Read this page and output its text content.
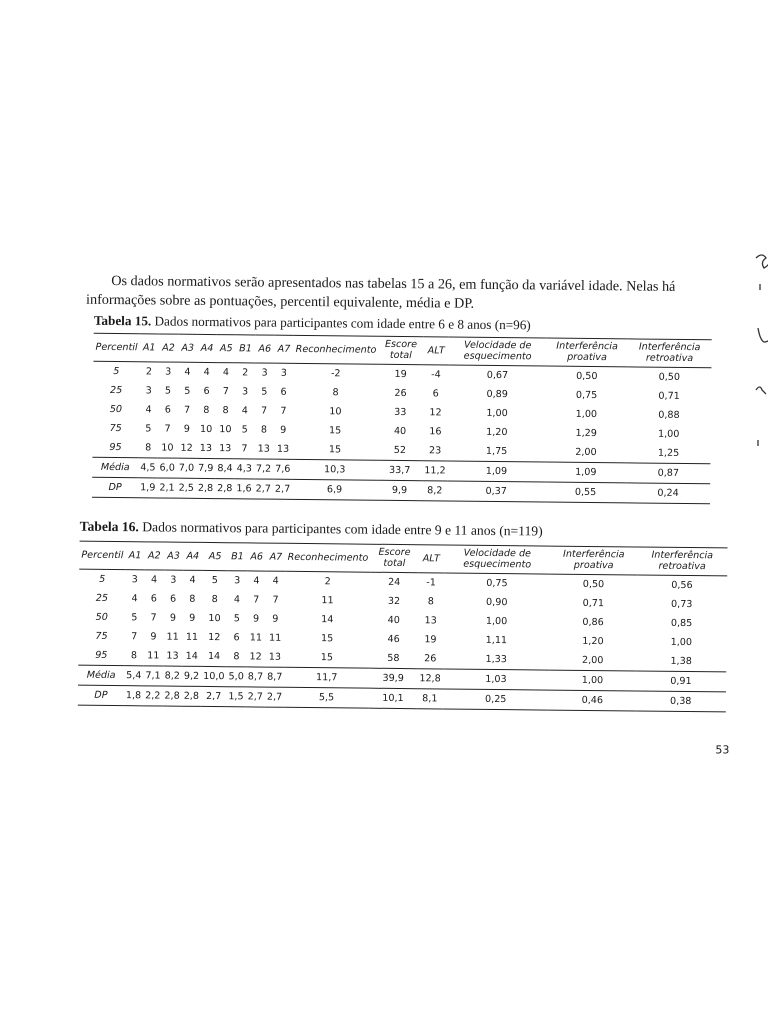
Os dados normativos serão apresentados nas tabelas 15 a 26, em função da variável idade. Nelas há informações sobre as pontuações, percentil equivalente, média e DP.

Tabela 15. Dados normativos para participantes com idade entre 6 e 8 anos (n=96)
Percentil	A1	A2	A3	A4	A5	B1	A6	A7	Reconhecimento	Escore total	ALT	Velocidade de esquecimento	Interferência proativa	Interferência retroativa
5	2	3	4	4	4	2	3	3	-2	19	-4	0,67	0,50	0,50
25	3	5	5	6	7	3	5	6	8	26	6	0,89	0,75	0,71
50	4	6	7	8	8	4	7	7	10	33	12	1,00	1,00	0,88
75	5	7	9	10	10	5	8	9	15	40	16	1,20	1,29	1,00
95	8	10	12	13	13	7	13	13	15	52	23	1,75	2,00	1,25
Média	4,5	6,0	7,0	7,9	8,4	4,3	7,2	7,6	10,3	33,7	11,2	1,09	1,09	0,87
DP	1,9	2,1	2,5	2,8	2,8	1,6	2,7	2,7	6,9	9,9	8,2	0,37	0,55	0,24
Tabela 16. Dados normativos para participantes com idade entre 9 e 11 anos (n=119)
Percentil	A1	A2	A3	A4	A5	B1	A6	A7	Reconhecimento	Escore total	ALT	Velocidade de esquecimento	Interferência proativa	Interferência retroativa
5	3	4	3	4	5	3	4	4	2	24	-1	0,75	0,50	0,56
25	4	6	6	8	8	4	7	7	11	32	8	0,90	0,71	0,73
50	5	7	9	9	10	5	9	9	14	40	13	1,00	0,86	0,85
75	7	9	11	11	12	6	11	11	15	46	19	1,11	1,20	1,00
95	8	11	13	14	14	8	12	13	15	58	26	1,33	2,00	1,38
Média	5,4	7,1	8,2	9,2	10,0	5,0	8,7	8,7	11,7	39,9	12,8	1,03	1,00	0,91
DP	1,8	2,2	2,8	2,8	2,7	1,5	2,7	2,7	5,5	10,1	8,1	0,25	0,46	0,38
53
